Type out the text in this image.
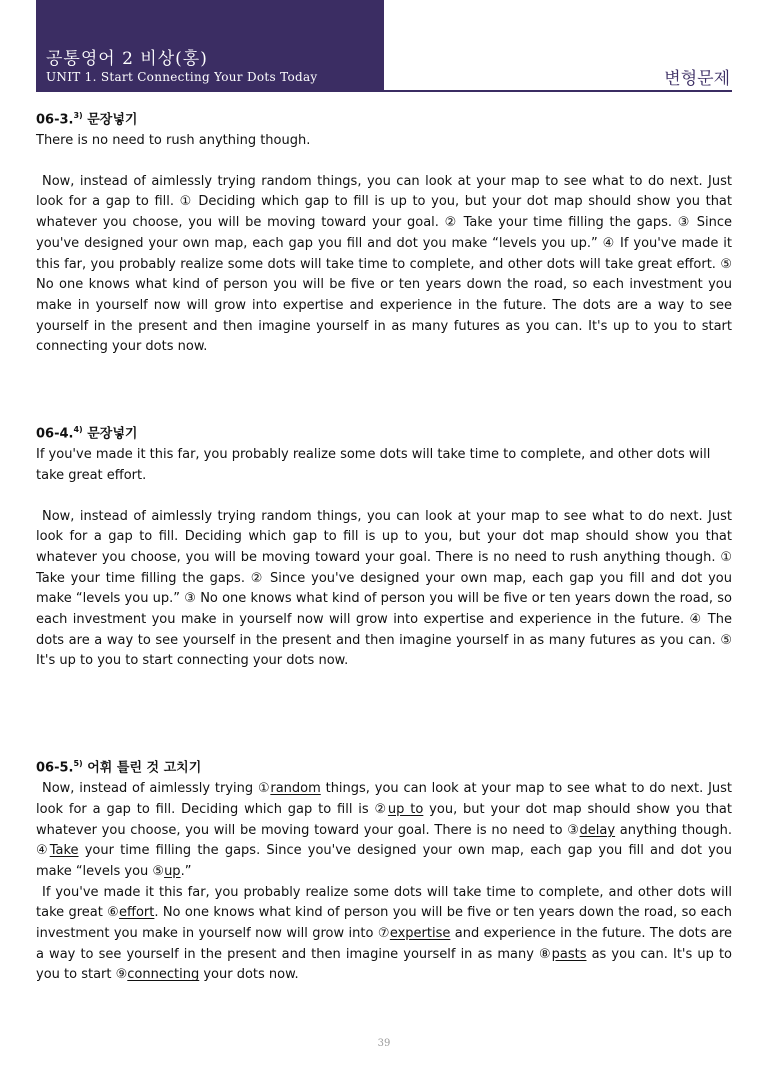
공통영어 2 비상(홍)
UNIT 1. Start Connecting Your Dots Today	변형문제
06-3.$^{3)}$ 문장넣기

There is no need to rush anything though.

Now, instead of aimlessly trying random things, you can look at your map to see what to do next. Just look for a gap to fill. ① Deciding which gap to fill is up to you, but your dot map should show you that whatever you choose, you will be moving toward your goal. ② Take your time filling the gaps. ③ Since you've designed your own map, each gap you fill and dot you make “levels you up.” ④ If you've made it this far, you probably realize some dots will take time to complete, and other dots will take great effort. ⑤ No one knows what kind of person you will be five or ten years down the road, so each investment you make in yourself now will grow into expertise and experience in the future. The dots are a way to see yourself in the present and then imagine yourself in as many futures as you can. It's up to you to start connecting your dots now.

06-4.$^{4)}$ 문장넣기

If you've made it this far, you probably realize some dots will take time to complete, and other dots will take great effort.

Now, instead of aimlessly trying random things, you can look at your map to see what to do next. Just look for a gap to fill. Deciding which gap to fill is up to you, but your dot map should show you that whatever you choose, you will be moving toward your goal. There is no need to rush anything though. ① Take your time filling the gaps. ② Since you've designed your own map, each gap you fill and dot you make “levels you up.” ③ No one knows what kind of person you will be five or ten years down the road, so each investment you make in yourself now will grow into expertise and experience in the future. ④ The dots are a way to see yourself in the present and then imagine yourself in as many futures as you can. ⑤ It's up to you to start connecting your dots now.

06-5.$^{5)}$ 어휘 틀린 것 고치기

Now, instead of aimlessly trying ①random things, you can look at your map to see what to do next. Just look for a gap to fill. Deciding which gap to fill is ②up to you, but your dot map should show you that whatever you choose, you will be moving toward your goal. There is no need to ③delay anything though. ④Take your time filling the gaps. Since you've designed your own map, each gap you fill and dot you make “levels you ⑤up.”

If you've made it this far, you probably realize some dots will take time to complete, and other dots will take great ⑥effort. No one knows what kind of person you will be five or ten years down the road, so each investment you make in yourself now will grow into ⑦expertise and experience in the future. The dots are a way to see yourself in the present and then imagine yourself in as many ⑧pasts as you can. It's up to you to start ⑨connecting your dots now.

39
